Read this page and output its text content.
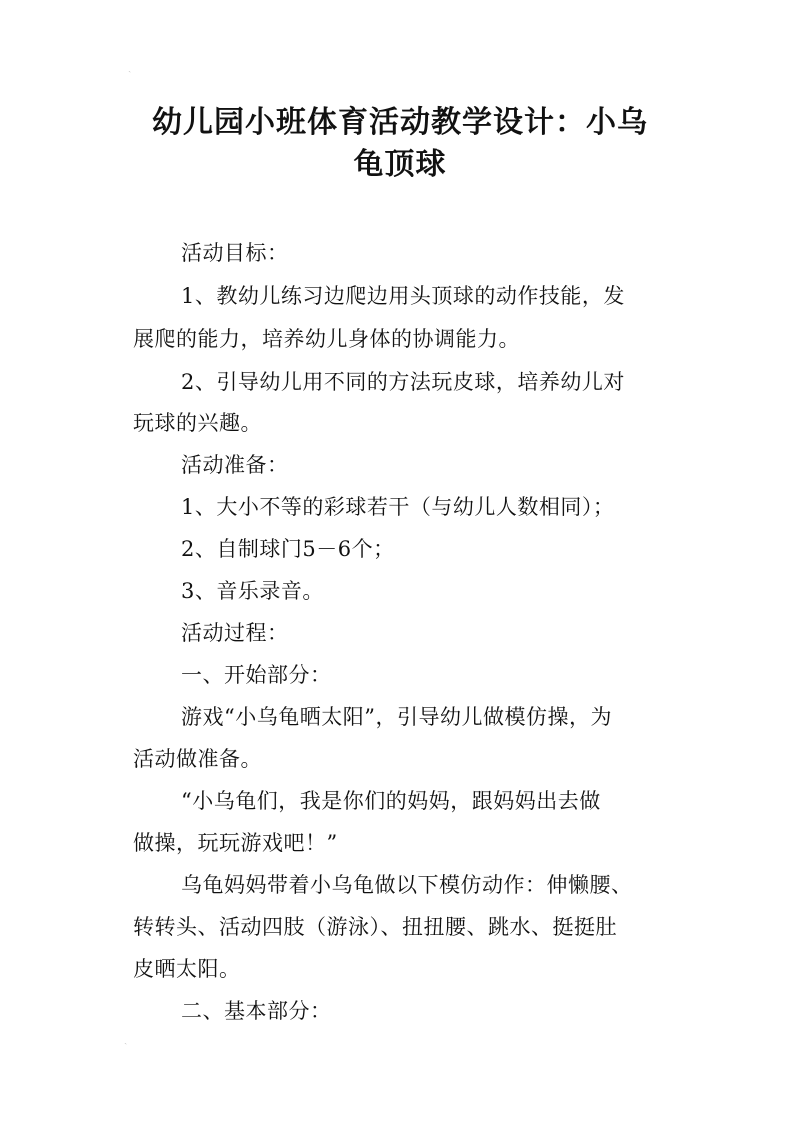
ˎ
幼儿园小班体育活动教学设计：小乌
龟顶球
活动目标：
1、教幼儿练习边爬边用头顶球的动作技能，发
展爬的能力，培养幼儿身体的协调能力。
2、引导幼儿用不同的方法玩皮球，培养幼儿对
玩球的兴趣。
活动准备：
1、大小不等的彩球若干（与幼儿人数相同）；
2、自制球门5－6个；
3、音乐录音。
活动过程：
一、开始部分：
游戏“小乌龟晒太阳”，引导幼儿做模仿操，为
活动做准备。
“小乌龟们，我是你们的妈妈，跟妈妈出去做
做操，玩玩游戏吧！”
乌龟妈妈带着小乌龟做以下模仿动作：伸懒腰、
转转头、活动四肢（游泳）、扭扭腰、跳水、挺挺肚
皮晒太阳。
二、基本部分：
ˏ
